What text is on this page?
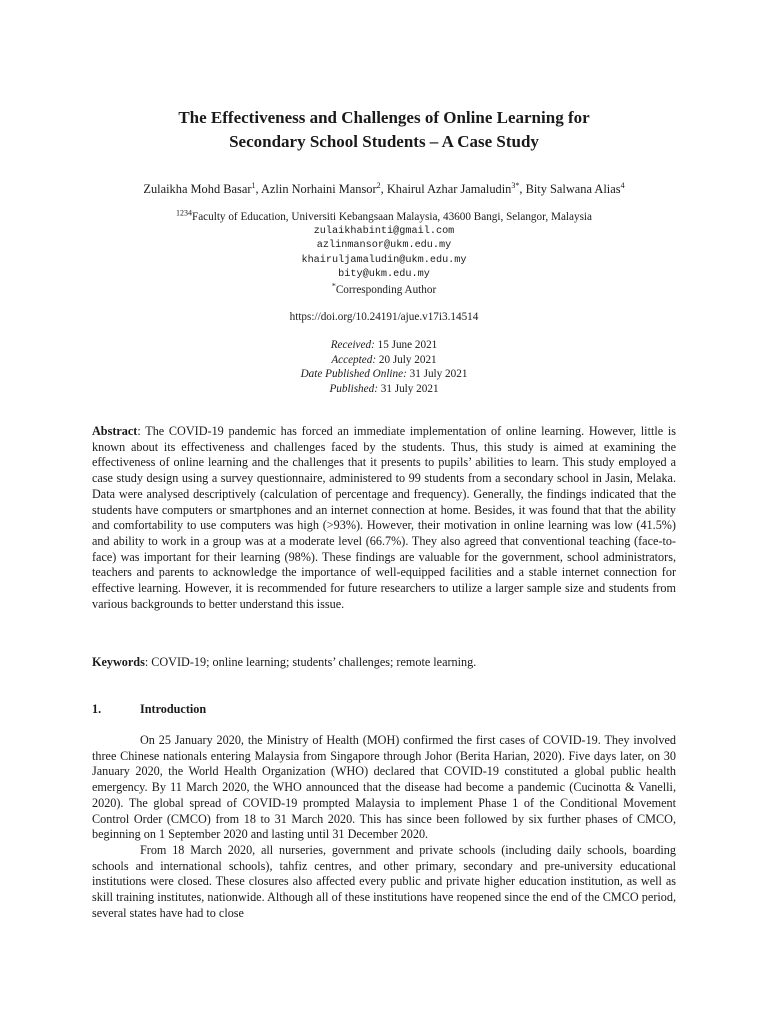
The Effectiveness and Challenges of Online Learning for
Secondary School Students – A Case Study
Zulaikha Mohd Basar$^1$, Azlin Norhaini Mansor$^2$, Khairul Azhar Jamaludin$^{3*}$, Bity Salwana Alias$^4$
$^{1234}$Faculty of Education, Universiti Kebangsaan Malaysia, 43600 Bangi, Selangor, Malaysia
zulaikhabinti@gmail.com
azlinmansor@ukm.edu.my
khairuljamaludin@ukm.edu.my
bity@ukm.edu.my
*Corresponding Author
https://doi.org/10.24191/ajue.v17i3.14514
Received: 15 June 2021
Accepted: 20 July 2021
Date Published Online: 31 July 2021
Published: 31 July 2021
Abstract: The COVID-19 pandemic has forced an immediate implementation of online learning. However, little is known about its effectiveness and challenges faced by the students. Thus, this study is aimed at examining the effectiveness of online learning and the challenges that it presents to pupils’ abilities to learn. This study employed a case study design using a survey questionnaire, administered to 99 students from a secondary school in Jasin, Melaka. Data were analysed descriptively (calculation of percentage and frequency). Generally, the findings indicated that the students have computers or smartphones and an internet connection at home. Besides, it was found that that the ability and comfortability to use computers was high (>93%). However, their motivation in online learning was low (41.5%) and ability to work in a group was at a moderate level (66.7%). They also agreed that conventional teaching (face-to-face) was important for their learning (98%). These findings are valuable for the government, school administrators, teachers and parents to acknowledge the importance of well-equipped facilities and a stable internet connection for effective learning. However, it is recommended for future researchers to utilize a larger sample size and students from various backgrounds to better understand this issue.
Keywords: COVID-19; online learning; students’ challenges; remote learning.
1.	Introduction

On 25 January 2020, the Ministry of Health (MOH) confirmed the first cases of COVID-19. They involved three Chinese nationals entering Malaysia from Singapore through Johor (Berita Harian, 2020). Five days later, on 30 January 2020, the World Health Organization (WHO) declared that COVID-19 constituted a global public health emergency. By 11 March 2020, the WHO announced that the disease had become a pandemic (Cucinotta & Vanelli, 2020). The global spread of COVID-19 prompted Malaysia to implement Phase 1 of the Conditional Movement Control Order (CMCO) from 18 to 31 March 2020. This has since been followed by six further phases of CMCO, beginning on 1 September 2020 and lasting until 31 December 2020.

From 18 March 2020, all nurseries, government and private schools (including daily schools, boarding schools and international schools), tahfiz centres, and other primary, secondary and pre-university educational institutions were closed. These closures also affected every public and private higher education institution, as well as skill training institutes, nationwide. Although all of these institutions have reopened since the end of the CMCO period, several states have had to close
